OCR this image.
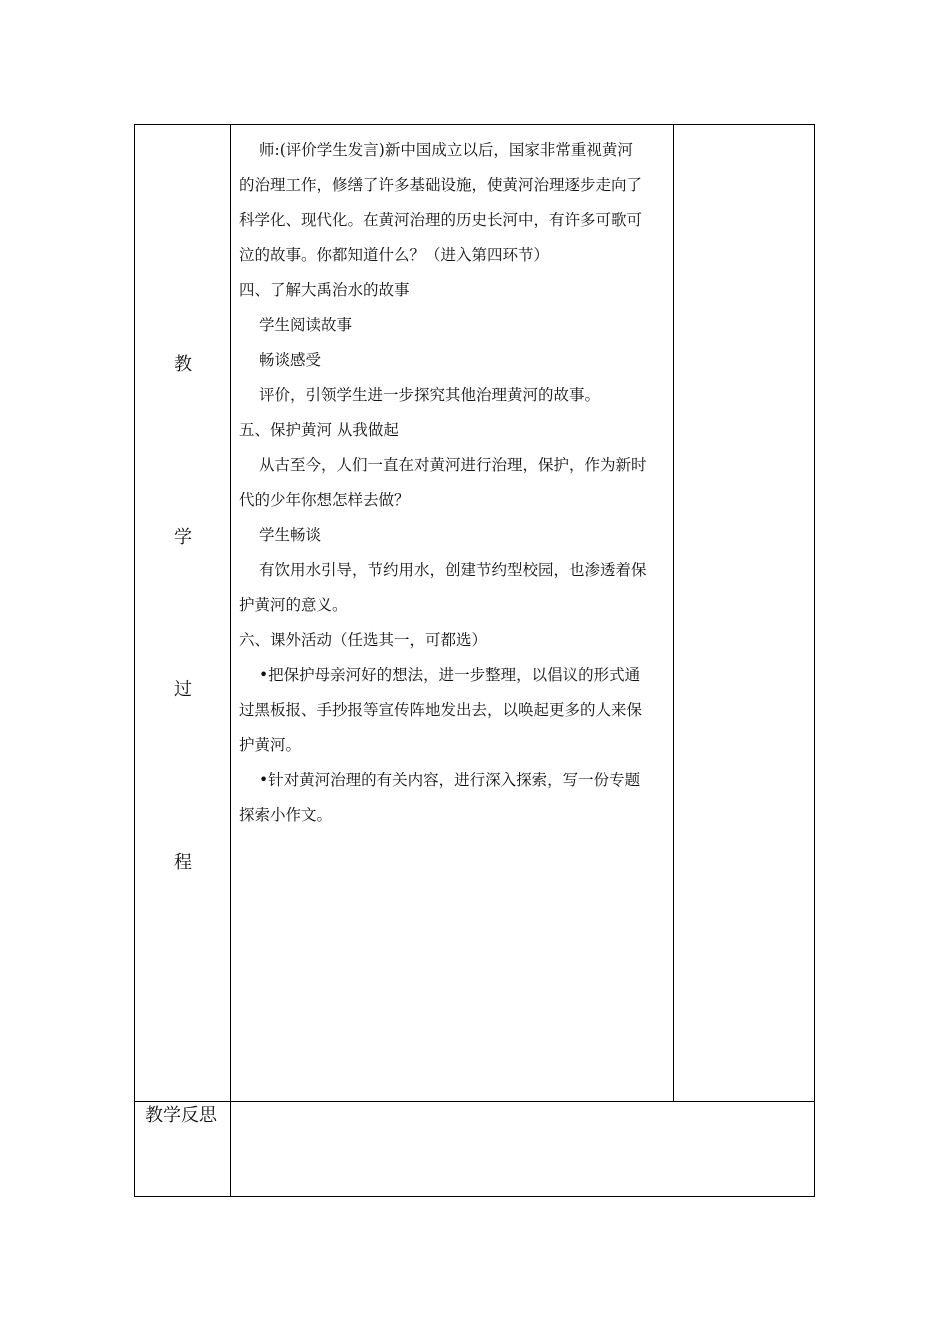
教
学
过
程

师:(评价学生发言)新中国成立以后，国家非常重视黄河

的治理工作，修缮了许多基础设施，使黄河治理逐步走向了

科学化、现代化。在黄河治理的历史长河中，有许多可歌可

泣的故事。你都知道什么？（进入第四环节）

四、了解大禹治水的故事

学生阅读故事

畅谈感受

评价，引领学生进一步探究其他治理黄河的故事。

五、保护黄河 从我做起

从古至今，人们一直在对黄河进行治理，保护，作为新时

代的少年你想怎样去做？

学生畅谈

有饮用水引导，节约用水，创建节约型校园，也渗透着保

护黄河的意义。

六、课外活动（任选其一，可都选）

•把保护母亲河好的想法，进一步整理，以倡议的形式通

过黑板报、手抄报等宣传阵地发出去，以唤起更多的人来保

护黄河。

•针对黄河治理的有关内容，进行深入探索，写一份专题

探索小作文。

教学反思
